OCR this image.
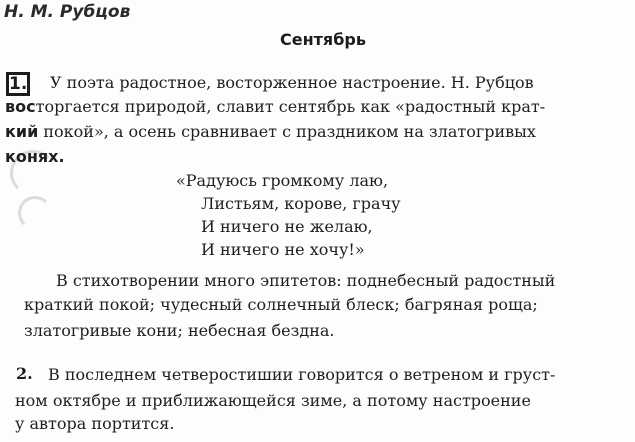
Н. М. Рубцов
Сентябрь
1. У поэта радостное, восторженное настроение. Н. Рубцов
восторгается природой, славит сентябрь как «радостный крат-
кий покой», а осень сравнивает с праздником на златогривых
конях.
«Радуюсь громкому лаю,
Листьям, корове, грачу
И ничего не желаю,
И ничего не хочу!»
В стихотворении много эпитетов: поднебесный радостный
краткий покой; чудесный солнечный блеск; багряная роща;
златогривые кони; небесная бездна.
2. В последнем четверостишии говорится о ветреном и груст-
ном октябре и приближающейся зиме, а потому настроение
у автора портится.
